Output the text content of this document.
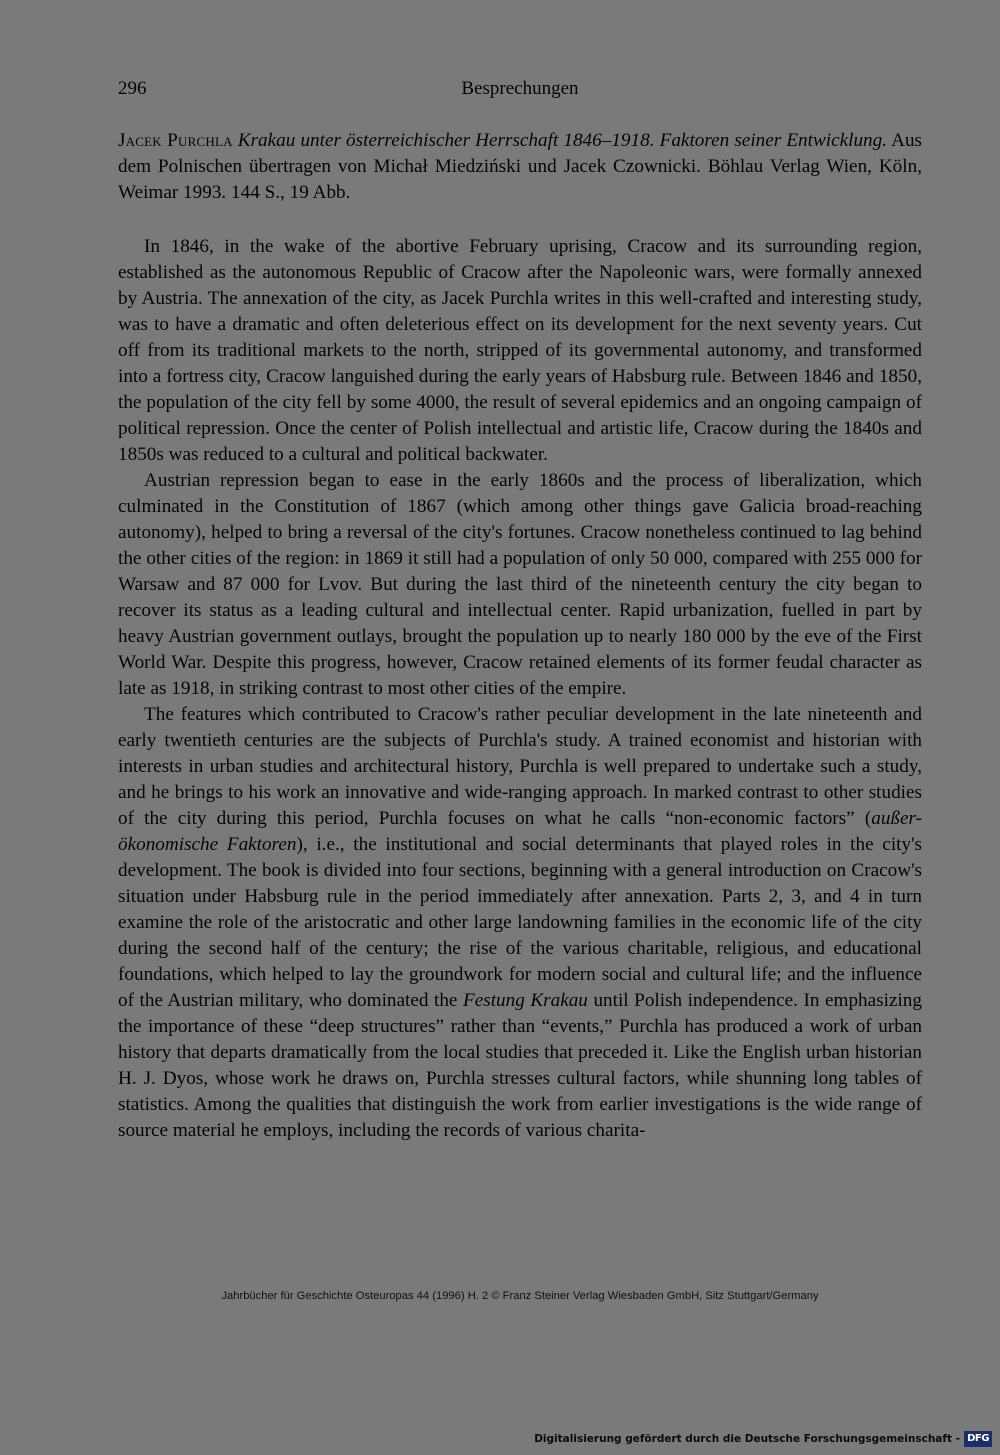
296	Besprechungen
Jacek Purchla Krakau unter österreichischer Herrschaft 1846–1918. Faktoren seiner Entwicklung. Aus dem Polnischen übertragen von Michał Miedziński und Jacek Czownicki. Böhlau Verlag Wien, Köln, Weimar 1993. 144 S., 19 Abb.

In 1846, in the wake of the abortive February uprising, Cracow and its surrounding region, established as the autonomous Republic of Cracow after the Napoleonic wars, were formally annexed by Austria. The annexation of the city, as Jacek Purchla writes in this well-crafted and interesting study, was to have a dramatic and often deleterious effect on its development for the next seventy years. Cut off from its traditional markets to the north, stripped of its governmental autonomy, and transformed into a fortress city, Cracow languished during the early years of Habsburg rule. Between 1846 and 1850, the population of the city fell by some 4000, the result of several epidemics and an ongoing campaign of political repression. Once the center of Polish intellectual and artistic life, Cracow during the 1840s and 1850s was reduced to a cultural and political backwater.

Austrian repression began to ease in the early 1860s and the process of liberalization, which culminated in the Constitution of 1867 (which among other things gave Galicia broad-reaching autonomy), helped to bring a reversal of the city's fortunes. Cracow nonetheless continued to lag behind the other cities of the region: in 1869 it still had a population of only 50 000, compared with 255 000 for Warsaw and 87 000 for Lvov. But during the last third of the nineteenth century the city began to recover its status as a leading cultural and intellectual center. Rapid urbanization, fuelled in part by heavy Austrian government outlays, brought the population up to nearly 180 000 by the eve of the First World War. Despite this progress, however, Cracow retained elements of its former feudal character as late as 1918, in striking contrast to most other cities of the empire.

The features which contributed to Cracow's rather peculiar development in the late nineteenth and early twentieth centuries are the subjects of Purchla's study. A trained economist and historian with interests in urban studies and architectural history, Purchla is well prepared to undertake such a study, and he brings to his work an innovative and wide-ranging approach. In marked contrast to other studies of the city during this period, Purchla focuses on what he calls “non-economic factors” (außer-ökonomische Faktoren), i.e., the institutional and social determinants that played roles in the city's development. The book is divided into four sections, beginning with a general introduction on Cracow's situation under Habsburg rule in the period immediately after annexation. Parts 2, 3, and 4 in turn examine the role of the aristocratic and other large landowning families in the economic life of the city during the second half of the century; the rise of the various charitable, religious, and educational foundations, which helped to lay the groundwork for modern social and cultural life; and the influence of the Austrian military, who dominated the Festung Krakau until Polish independence. In emphasizing the importance of these “deep structures” rather than “events,” Purchla has produced a work of urban history that departs dramatically from the local studies that preceded it. Like the English urban historian H. J. Dyos, whose work he draws on, Purchla stresses cultural factors, while shunning long tables of statistics. Among the qualities that distinguish the work from earlier investigations is the wide range of source material he employs, including the records of various charita-

Jahrbücher für Geschichte Osteuropas 44 (1996) H. 2 © Franz Steiner Verlag Wiesbaden GmbH, Sitz Stuttgart/Germany
Digitalisierung gefördert durch die Deutsche Forschungsgemeinschaft - DFG
